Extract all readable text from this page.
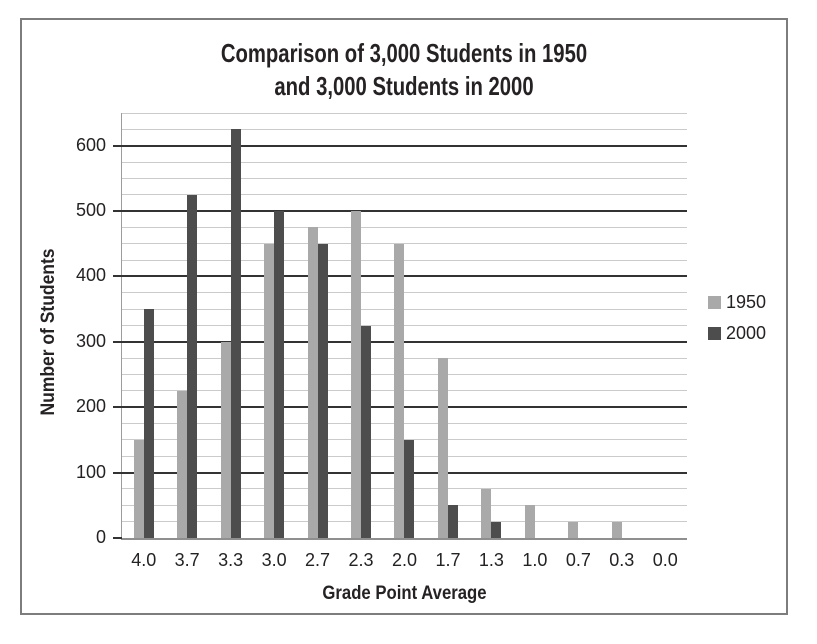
Comparison of 3,000 Students in 1950
and 3,000 Students in 2000
Number of Students
0
100
200
300
400
500
600
4.0 3.7 3.3 3.0 2.7 2.3 2.0 1.7 1.3 1.0 0.7 0.3 0.0
Grade Point Average
1950
2000
